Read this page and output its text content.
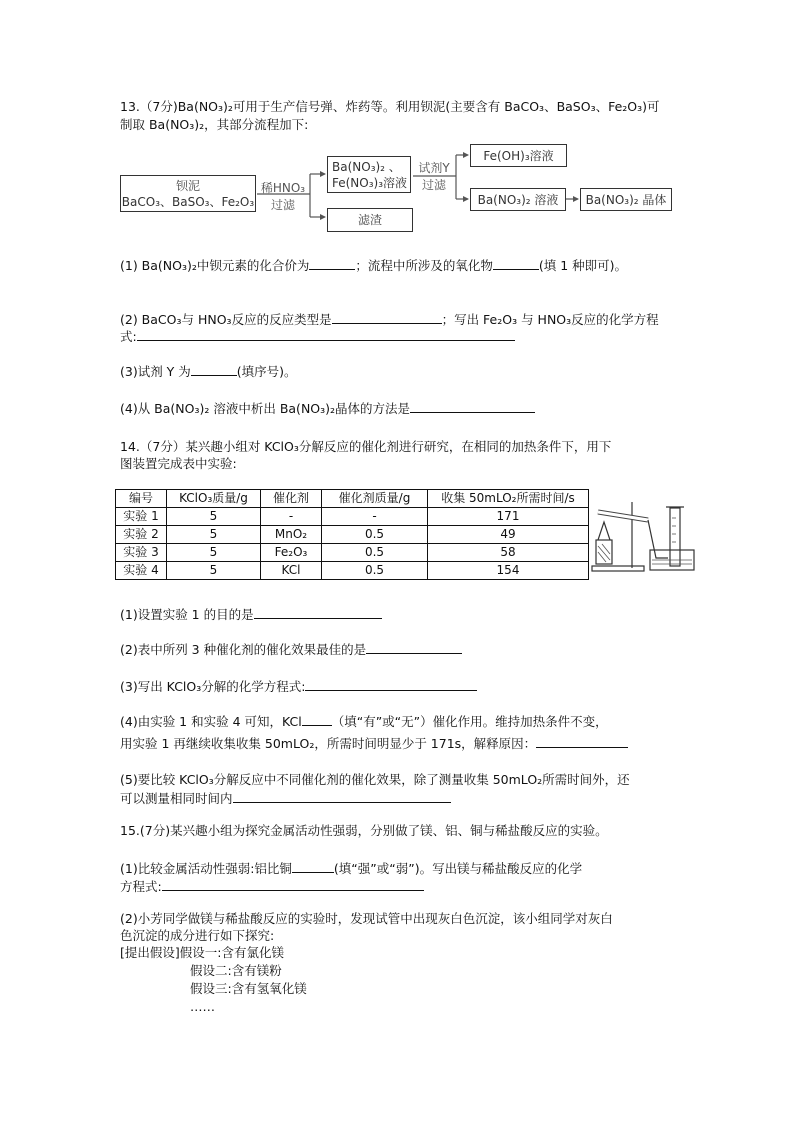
13.（7分)Ba(NO₃)₂可用于生产信号弹、炸药等。利用钡泥(主要含有 BaCO₃、BaSO₃、Fe₂O₃)可
制取 Ba(NO₃)₂，其部分流程加下:
钡泥
BaCO₃、BaSO₃、Fe₂O₃
稀HNO₃
过滤
Ba(NO₃)₂ 、
Fe(NO₃)₃溶液
滤渣
试剂Y
过滤
Fe(OH)₃溶液
Ba(NO₃)₂ 溶液	Ba(NO₃)₂ 晶体
(1) Ba(NO₃)₂中钡元素的化合价为	；流程中所涉及的氧化物	(填 1 种即可)。
(2) BaCO₃与 HNO₃反应的反应类型是	；写出 Fe₂O₃ 与 HNO₃反应的化学方程
式:
(3)试剂 Y 为	(填序号)。
(4)从 Ba(NO₃)₂ 溶液中析出 Ba(NO₃)₂晶体的方法是
14.（7分）某兴趣小组对 KClO₃分解反应的催化剂进行研究，在相同的加热条件下，用下
图装置完成表中实验:
编号	KClO₃质量/g	催化剂	催化剂质量/g	收集 50mLO₂所需时间/s
实验 1	5	-	-	171
实验 2	5	MnO₂	0.5	49
实验 3	5	Fe₂O₃	0.5	58
实验 4	5	KCl	0.5	154
(1)设置实验 1 的目的是
(2)表中所列 3 种催化剂的催化效果最佳的是
(3)写出 KClO₃分解的化学方程式:
(4)由实验 1 和实验 4 可知，KCl （填“有”或“无”）催化作用。维持加热条件不变，
用实验 1 再继续收集收集 50mLO₂，所需时间明显少于 171s，解释原因：
(5)要比较 KClO₃分解反应中不同催化剂的催化效果，除了测量收集 50mLO₂所需时间外，还
可以测量相同时间内
15.(7分)某兴趣小组为探究金属活动性强弱，分别做了镁、铝、铜与稀盐酸反应的实验。
(1)比较金属活动性强弱:铝比铜	(填“强”或“弱”)。写出镁与稀盐酸反应的化学
方程式:
(2)小芳同学做镁与稀盐酸反应的实验时，发现试管中出现灰白色沉淀，该小组同学对灰白
色沉淀的成分进行如下探究:
[提出假设]假设一:含有氯化镁
假设二:含有镁粉
假设三:含有氢氧化镁
……
